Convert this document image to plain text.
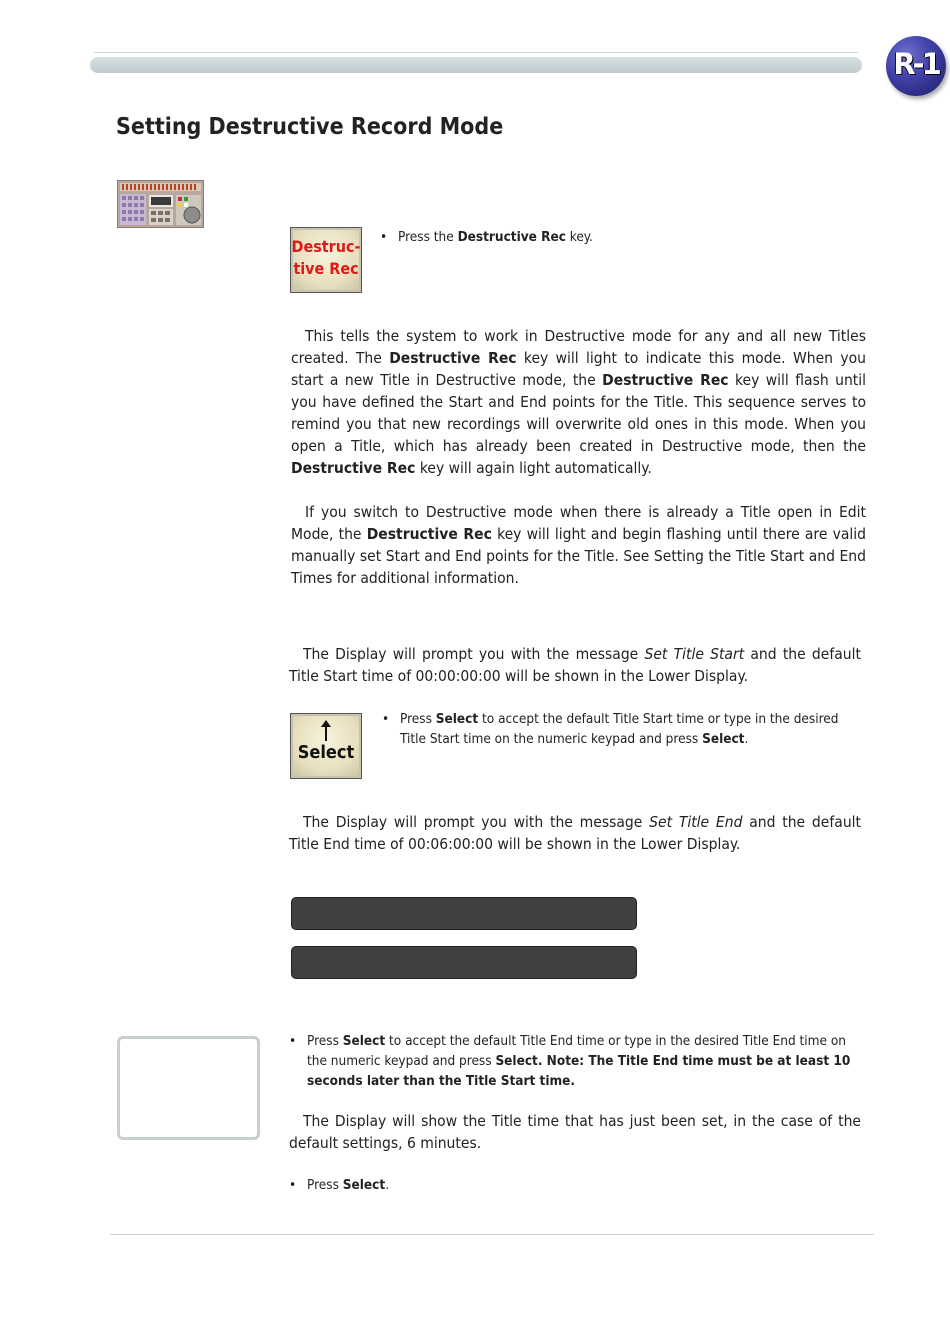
R-1
Setting Destructive Record Mode
Destruc-
tive Rec
• Press the Destructive Rec key.

This tells the system to work in Destructive mode for any and all new Titles created. The Destructive Rec key will light to indicate this mode. When you start a new Title in Destructive mode, the Destructive Rec key will flash until you have defined the Start and End points for the Title. This sequence serves to remind you that new recordings will overwrite old ones in this mode. When you open a Title, which has already been created in Destructive mode, then the Destructive Rec key will again light automatically.

If you switch to Destructive mode when there is already a Title open in Edit Mode, the Destructive Rec key will light and begin flashing until there are valid manually set Start and End points for the Title. See Setting the Title Start and End Times for additional information.

The Display will prompt you with the message Set Title Start and the default Title Start time of 00:00:00:00 will be shown in the Lower Display.

Select
• Press Select to accept the default Title Start time or type in the desired Title Start time on the numeric keypad and press Select.

The Display will prompt you with the message Set Title End and the default Title End time of 00:06:00:00 will be shown in the Lower Display.

• Press Select to accept the default Title End time or type in the desired Title End time on the numeric keypad and press Select. Note: The Title End time must be at least 10 seconds later than the Title Start time.

The Display will show the Title time that has just been set, in the case of the default settings, 6 minutes.

• Press Select.
